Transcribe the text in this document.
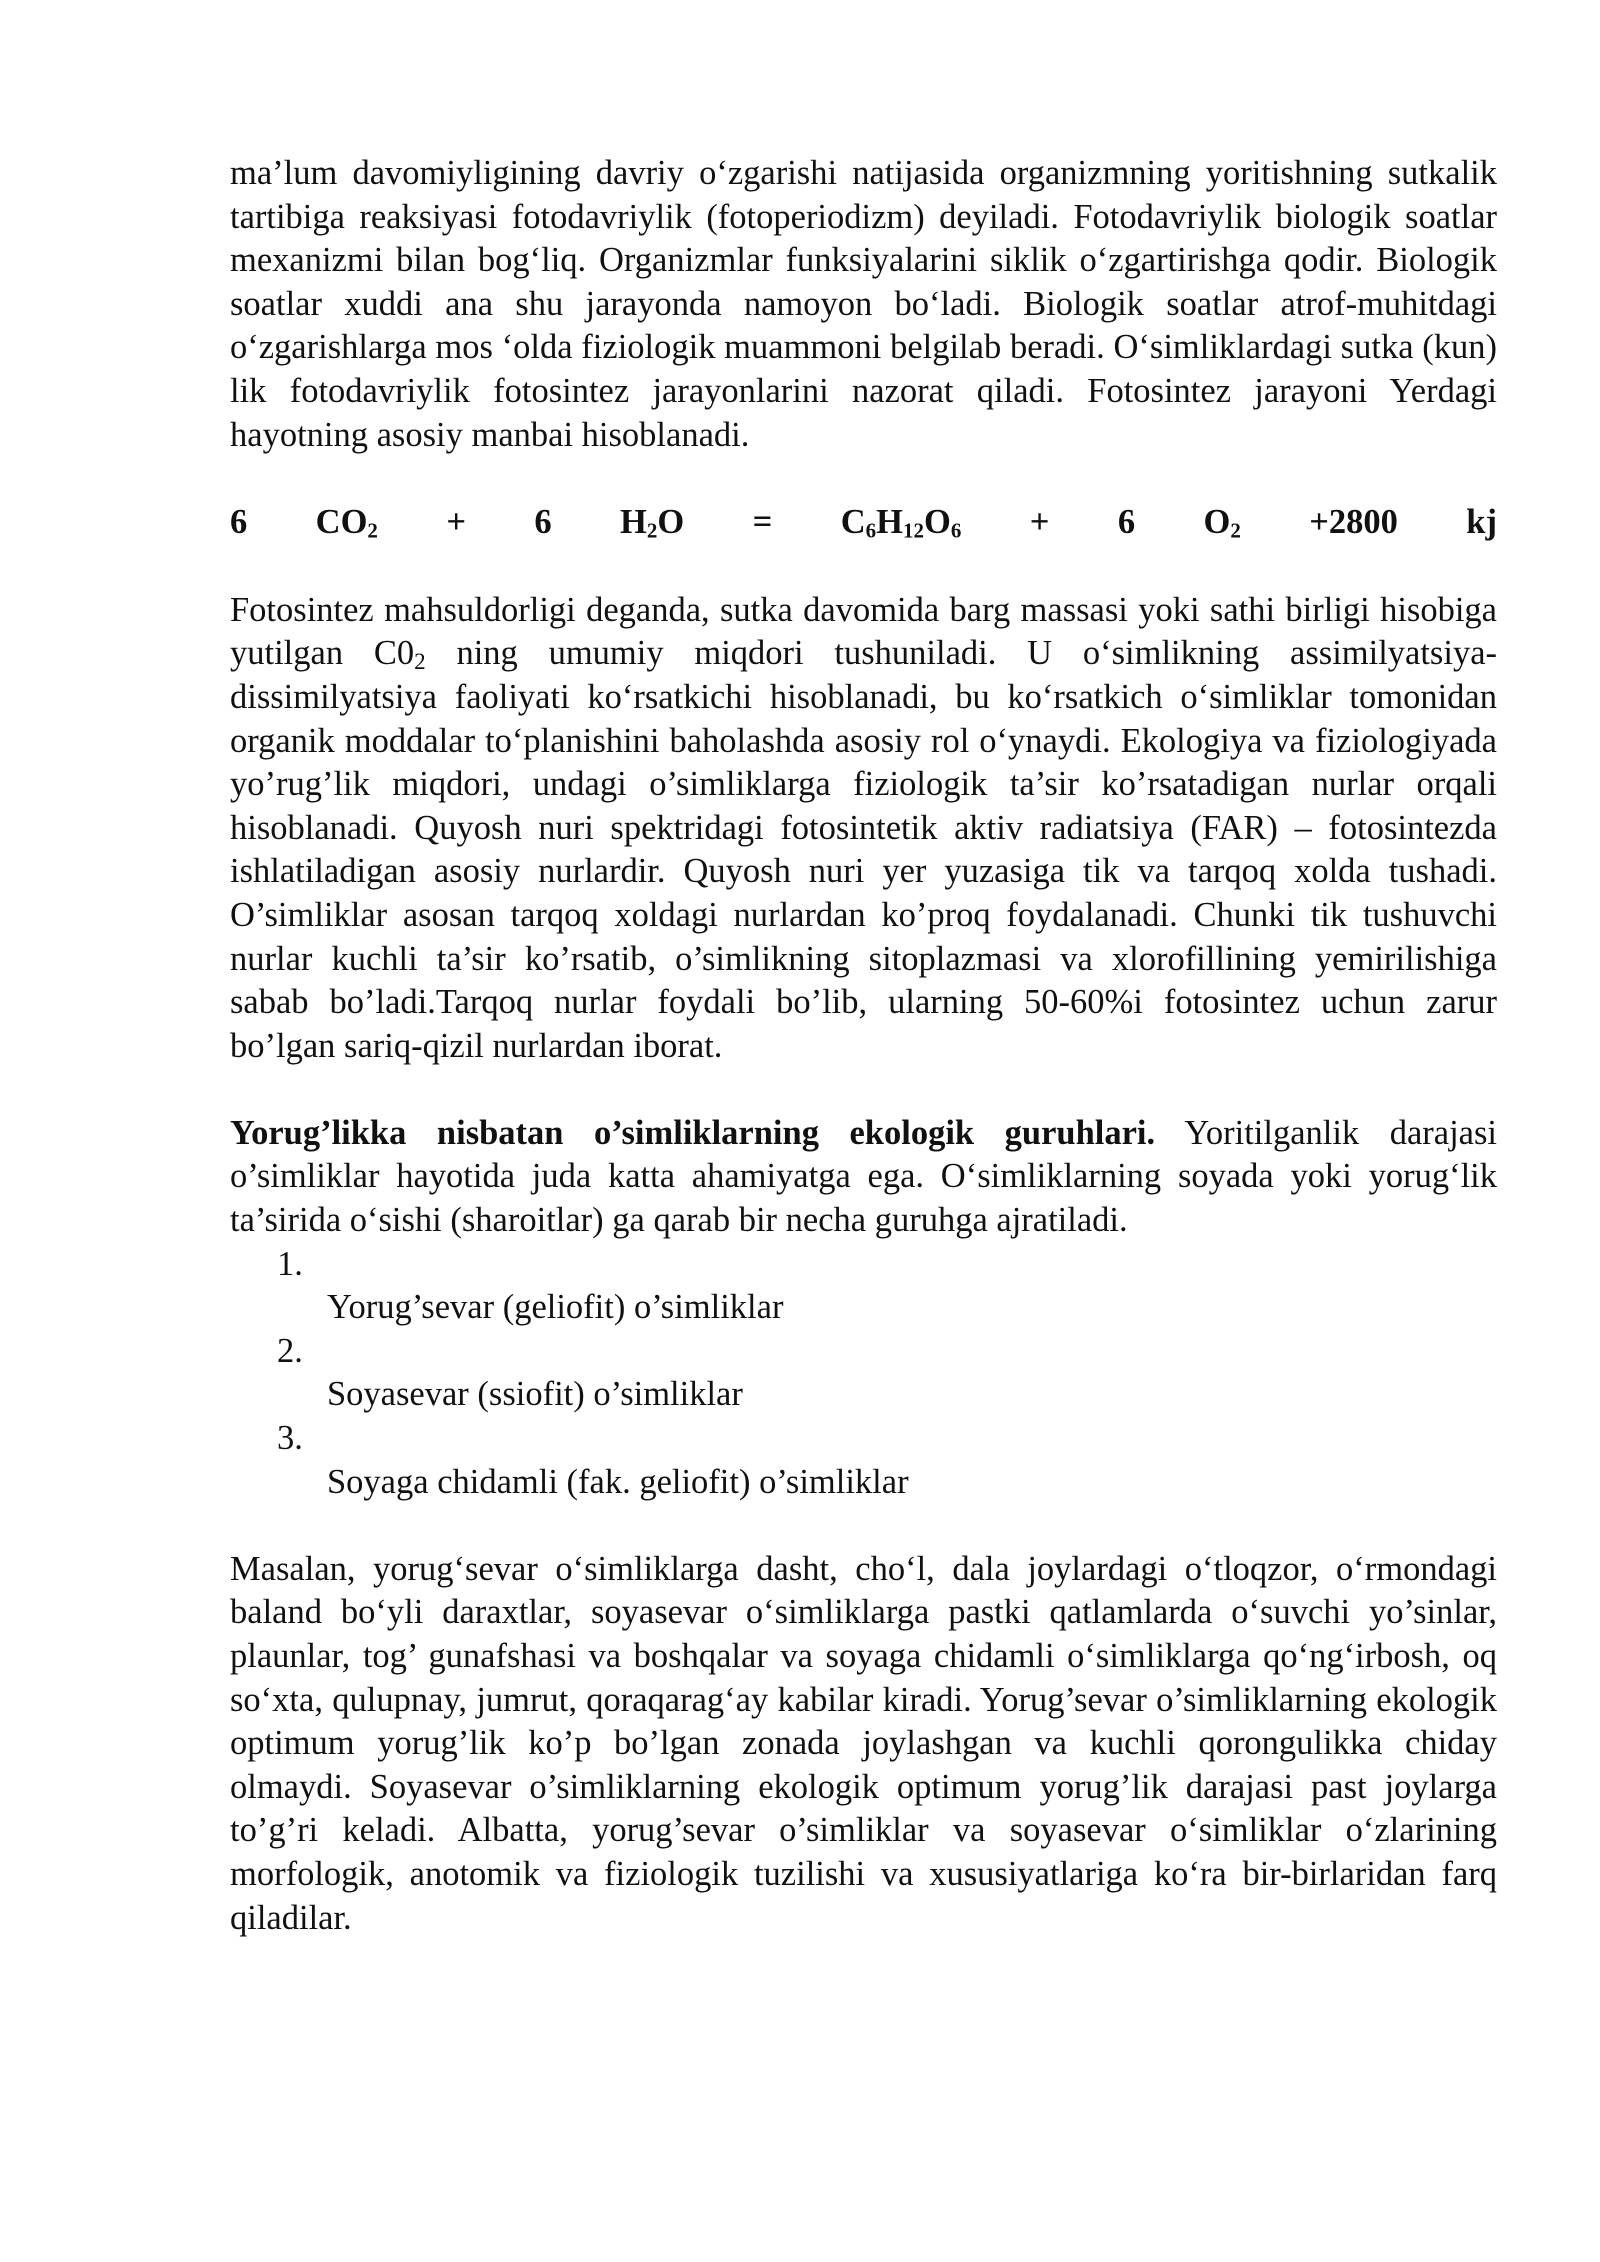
ma’lum davomiyligining davriy o‘zgarishi natijasida organizmning yoritishning sutkalik tartibiga reaksiyasi fotodavriylik (fotoperiodizm) deyiladi. Fotodavriylik biologik soatlar mexanizmi bilan bog‘liq. Organizmlar funksiyalarini siklik o‘zgartirishga qodir. Biologik soatlar xuddi ana shu jarayonda namoyon bo‘ladi. Biologik soatlar atrof-muhitdagi o‘zgarishlarga mos ‘olda fiziologik muammoni belgilab beradi. O‘simliklardagi sutka (kun) lik fotodavriylik fotosintez jarayonlarini nazorat qiladi. Fotosintez jarayoni Yerdagi hayotning asosiy manbai hisoblanadi.

6 $CO_2 + 6$ $H_2O = C_6H_{12}O_6 + 6$ $O_2 +2800$ kj

Fotosintez mahsuldorligi deganda, sutka davomida barg massasi yoki sathi birligi hisobiga yutilgan $C0_2$ ning umumiy miqdori tushuniladi. U o‘simlikning assimilyatsiya-dissimilyatsiya faoliyati ko‘rsatkichi hisoblanadi, bu ko‘rsatkich o‘simliklar tomonidan organik moddalar to‘planishini baholashda asosiy rol o‘ynaydi. Ekologiya va fiziologiyada yo’rug’lik miqdori, undagi o’simliklarga fiziologik ta’sir ko’rsatadigan nurlar orqali hisoblanadi. Quyosh nuri spektridagi fotosintetik aktiv radiatsiya (FAR) – fotosintezda ishlatiladigan asosiy nurlardir. Quyosh nuri yer yuzasiga tik va tarqoq xolda tushadi. O’simliklar asosan tarqoq xoldagi nurlardan ko’proq foydalanadi. Chunki tik tushuvchi nurlar kuchli ta’sir ko’rsatib, o’simlikning sitoplazmasi va xlorofillining yemirilishiga sabab bo’ladi.Tarqoq nurlar foydali bo’lib, ularning 50-60%i fotosintez uchun zarur bo’lgan sariq-qizil nurlardan iborat.

Yorug’likka nisbatan o’simliklarning ekologik guruhlari. Yoritilganlik darajasi o’simliklar hayotida juda katta ahamiyatga ega. O‘simliklarning soyada yoki yorug‘lik ta’sirida o‘sishi (sharoitlar) ga qarab bir necha guruhga ajratiladi.

1.
Yorug’sevar (geliofit) o’simliklar
2.
Soyasevar (ssiofit) o’simliklar
3.
Soyaga chidamli (fak. geliofit) o’simliklar

Masalan, yorug‘sevar o‘simliklarga dasht, cho‘l, dala joylardagi o‘tloqzor, o‘rmondagi baland bo‘yli daraxtlar, soyasevar o‘simliklarga pastki qatlamlarda o‘suvchi yo’sinlar, plaunlar, tog’ gunafshasi va boshqalar va soyaga chidamli o‘simliklarga qo‘ng‘irbosh, oq so‘xta, qulupnay, jumrut, qoraqarag‘ay kabilar kiradi. Yorug’sevar o’simliklarning ekologik optimum yorug’lik ko’p bo’lgan zonada joylashgan va kuchli qorongulikka chiday olmaydi. Soyasevar o’simliklarning ekologik optimum yorug’lik darajasi past joylarga to’g’ri keladi. Albatta, yorug’sevar o’simliklar va soyasevar o‘simliklar o‘zlarining morfologik, anotomik va fiziologik tuzilishi va xususiyatlariga ko‘ra bir-birlaridan farq qiladilar.
